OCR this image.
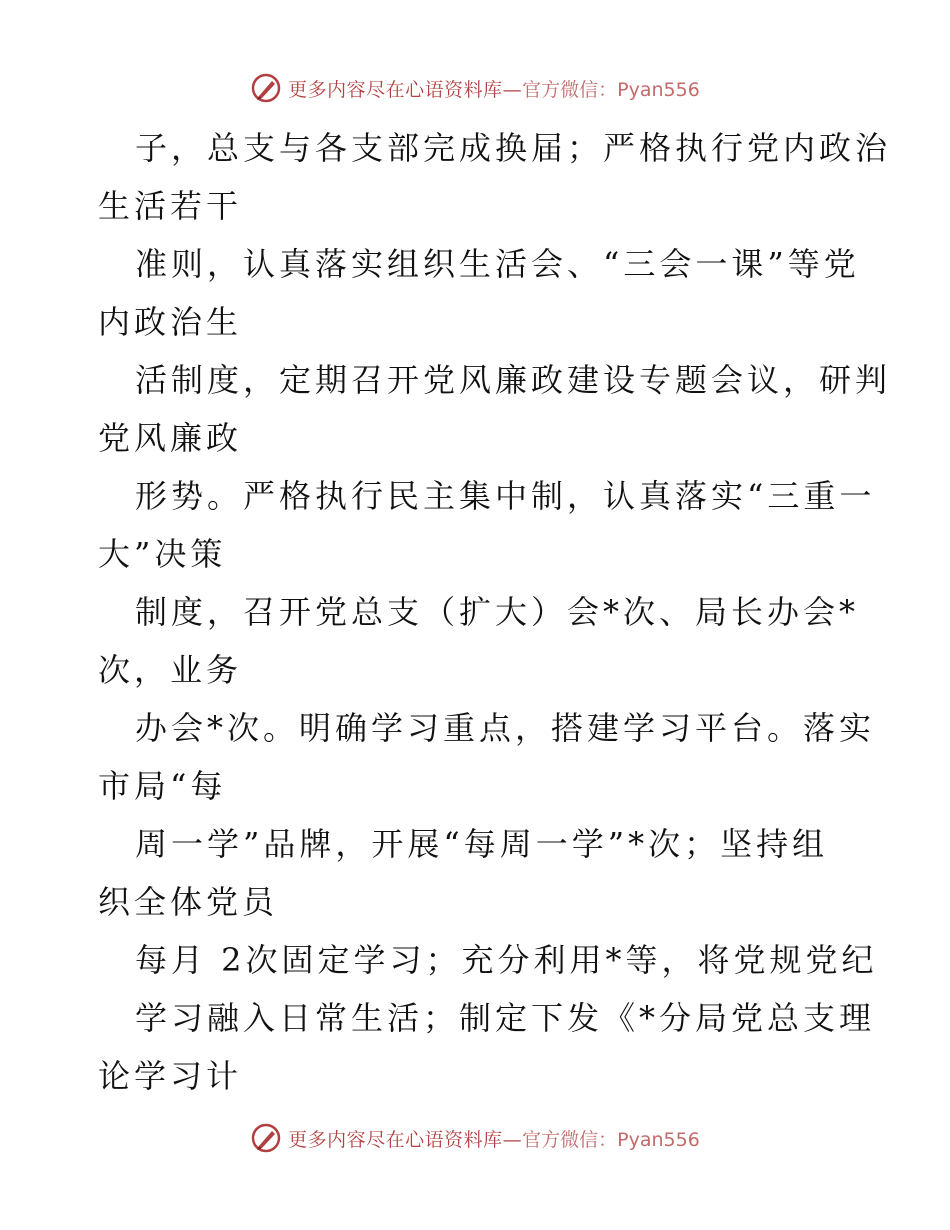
更多内容尽在心语资料库— 官方微信：Pyan556
子，总支与各支部完成换届；严格执行党内政治
生活若干
准则，认真落实组织生活会、“三会一课”等党
内政治生
活制度，定期召开党风廉政建设专题会议，研判
党风廉政
形势。严格执行民主集中制，认真落实“三重一
大”决策
制度，召开党总支（扩大）会*次、局长办会*
次，业务
办会*次。明确学习重点，搭建学习平台。落实
市局“每
周一学”品牌，开展“每周一学”*次；坚持组
织全体党员
每月 2次固定学习；充分利用*等，将党规党纪
学习融入日常生活；制定下发《*分局党总支理
论学习计
更多内容尽在心语资料库— 官方微信：Pyan556
